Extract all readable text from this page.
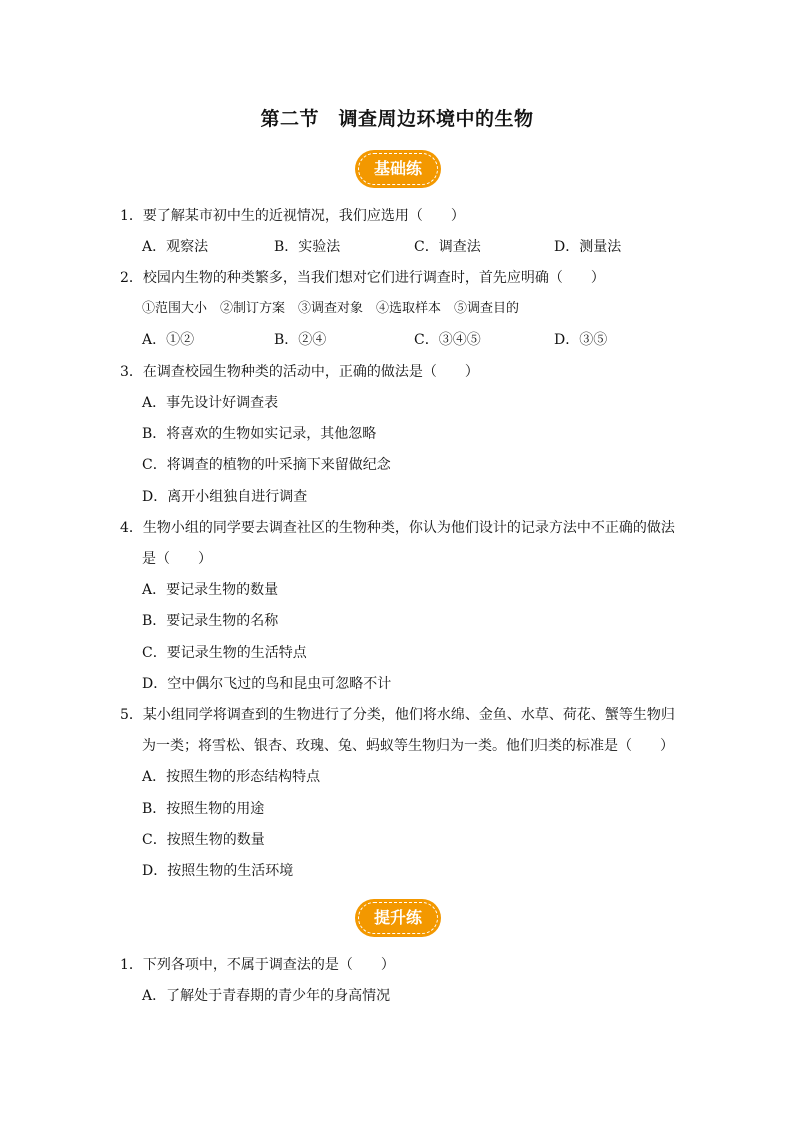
第二节　调查周边环境中的生物
基础练
1．要了解某市初中生的近视情况，我们应选用（　　）
A．观察法	B．实验法	C．调查法	D．测量法
2．校园内生物的种类繁多，当我们想对它们进行调查时，首先应明确（　　）
①范围大小　②制订方案　③调查对象　④选取样本　⑤调查目的
A．①②	B．②④	C．③④⑤	D．③⑤
3．在调查校园生物种类的活动中，正确的做法是（　　）
A．事先设计好调查表
B．将喜欢的生物如实记录，其他忽略
C．将调查的植物的叶采摘下来留做纪念
D．离开小组独自进行调查
4．生物小组的同学要去调查社区的生物种类，你认为他们设计的记录方法中不正确的做法
是（　　）
A．要记录生物的数量
B．要记录生物的名称
C．要记录生物的生活特点
D．空中偶尔飞过的鸟和昆虫可忽略不计
5．某小组同学将调查到的生物进行了分类，他们将水绵、金鱼、水草、荷花、蟹等生物归
为一类；将雪松、银杏、玫瑰、兔、蚂蚁等生物归为一类。他们归类的标准是（　　）
A．按照生物的形态结构特点
B．按照生物的用途
C．按照生物的数量
D．按照生物的生活环境
提升练
1．下列各项中，不属于调查法的是（　　）
A．了解处于青春期的青少年的身高情况
